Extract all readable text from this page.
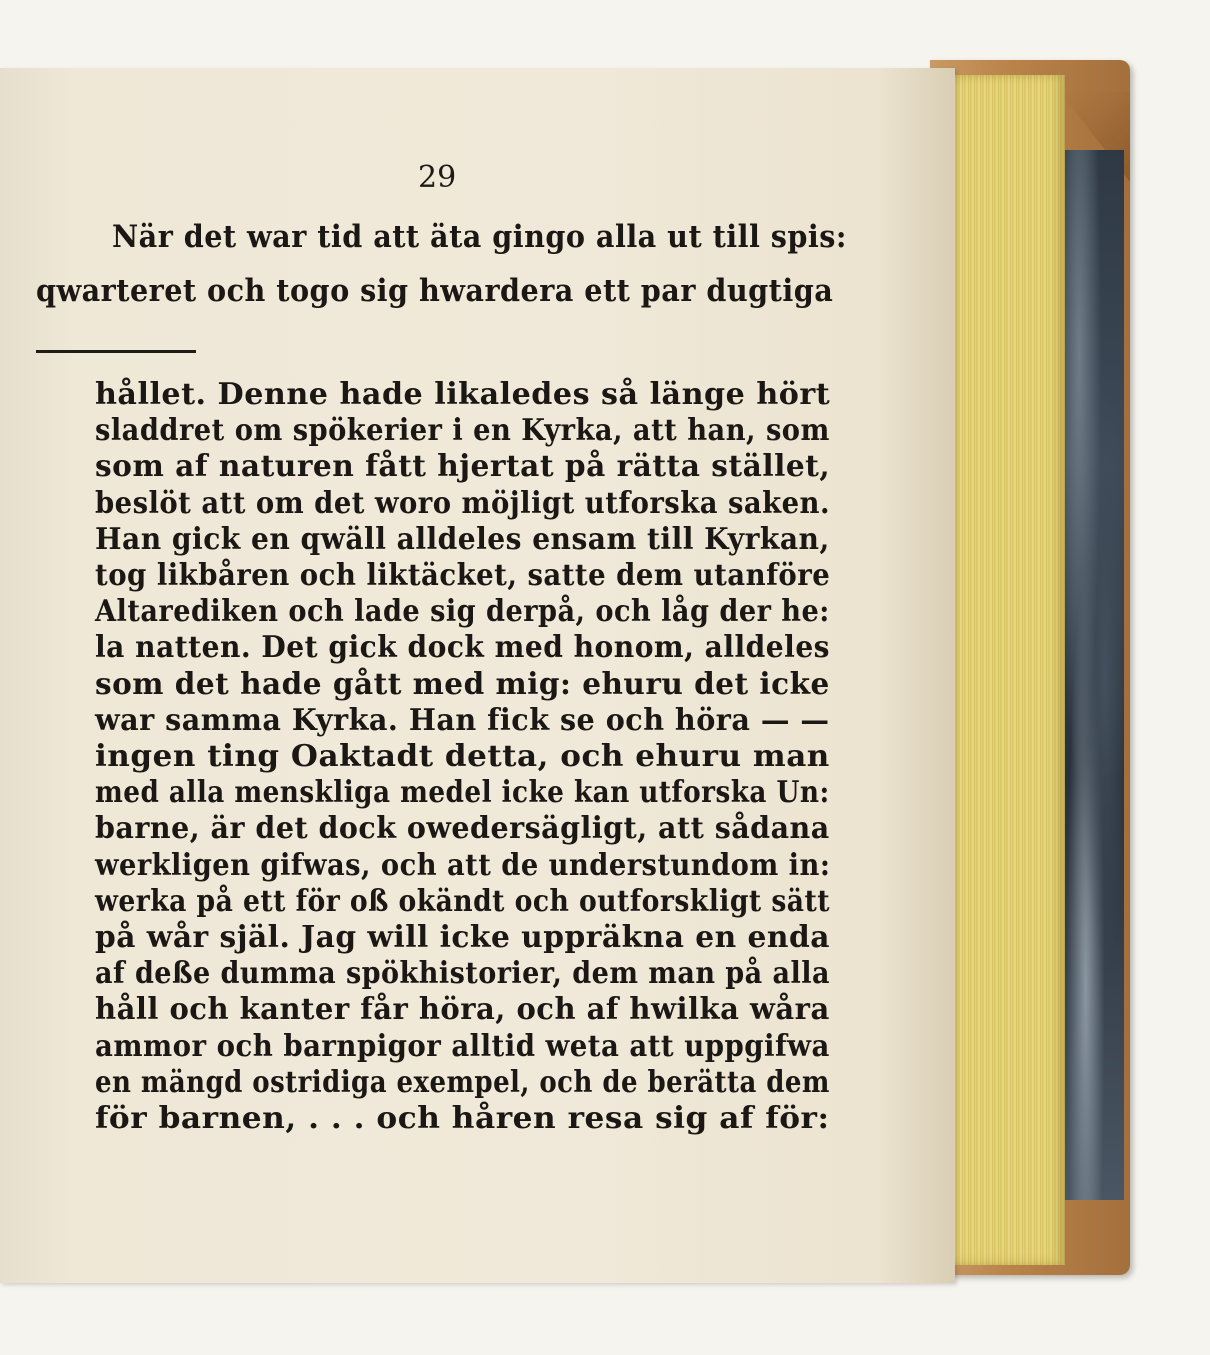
29

När det war tid att äta gingo alla ut till spis:

qwarteret och togo sig hwardera ett par dugtiga

hållet. Denne hade likaledes så länge hört

sladdret om spökerier i en Kyrka, att han, som

som af naturen fått hjertat på rätta stället,

beslöt att om det woro möjligt utforska saken.

Han gick en qwäll alldeles ensam till Kyrkan,

tog likbåren och liktäcket, satte dem utanföre

Altarediken och lade sig derpå, och låg der he:

la natten. Det gick dock med honom, alldeles

som det hade gått med mig: ehuru det icke

war samma Kyrka. Han fick se och höra — —

ingen ting Oaktadt detta, och ehuru man

med alla menskliga medel icke kan utforska Un:

barne, är det dock owedersägligt, att sådana

werkligen gifwas, och att de understundom in:

werka på ett för oß okändt och outforskligt sätt

på wår själ. Jag will icke uppräkna en enda

af deße dumma spökhistorier, dem man på alla

håll och kanter får höra, och af hwilka wåra

ammor och barnpigor alltid weta att uppgifwa

en mängd ostridiga exempel, och de berätta dem

för barnen, . . . och håren resa sig af för:
